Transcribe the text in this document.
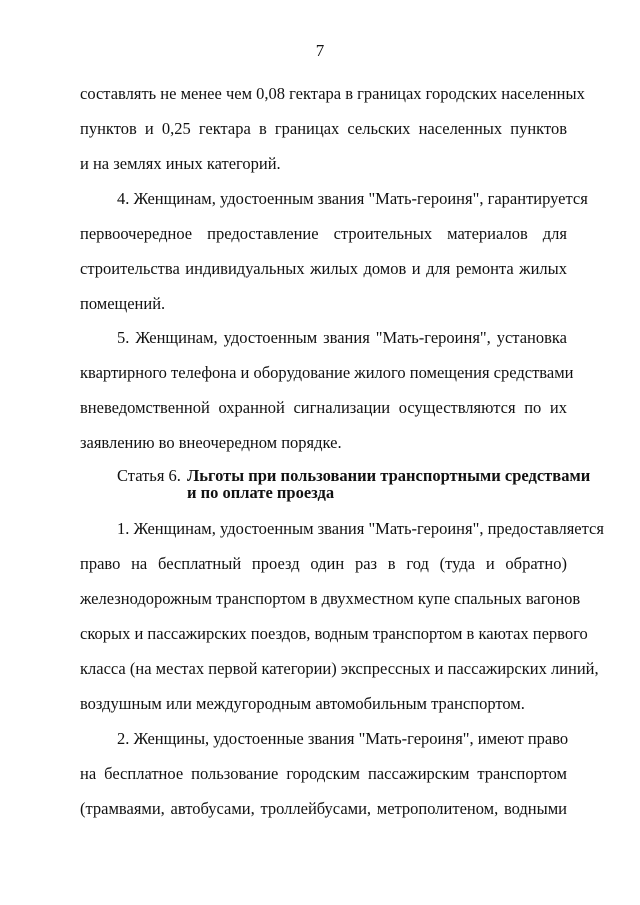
7
составлять не менее чем 0,08 гектара в границах городских населенных
пунктов и 0,25 гектара в границах сельских населенных пунктов
и на землях иных категорий.
4. Женщинам, удостоенным звания "Мать-героиня", гарантируется
первоочередное предоставление строительных материалов для
строительства индивидуальных жилых домов и для ремонта жилых
помещений.
5. Женщинам, удостоенным звания "Мать-героиня", установка
квартирного телефона и оборудование жилого помещения средствами
вневедомственной охранной сигнализации осуществляются по их
заявлению во внеочередном порядке.
Статья 6. Льготы при пользовании транспортными средствами
и по оплате проезда
1. Женщинам, удостоенным звания "Мать-героиня", предоставляется
право на бесплатный проезд один раз в год (туда и обратно)
железнодорожным транспортом в двухместном купе спальных вагонов
скорых и пассажирских поездов, водным транспортом в каютах первого
класса (на местах первой категории) экспрессных и пассажирских линий,
воздушным или междугородным автомобильным транспортом.
2. Женщины, удостоенные звания "Мать-героиня", имеют право
на бесплатное пользование городским пассажирским транспортом
(трамваями, автобусами, троллейбусами, метрополитеном, водными
